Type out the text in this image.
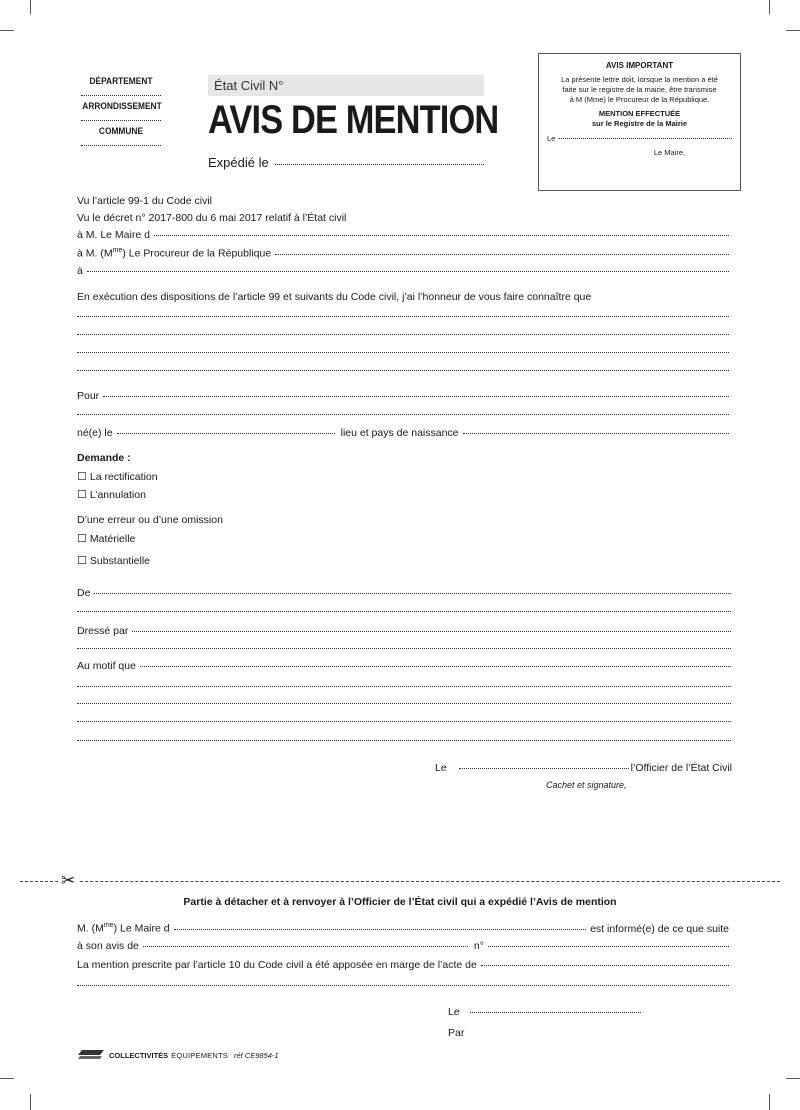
DÉPARTEMENT
ARRONDISSEMENT
COMMUNE
État Civil N°
AVIS DE MENTION
Expédié le
AVIS IMPORTANT
La présente lettre doit, lorsque la mention a été
faite sur le registre de la mairie, être transmise
à M (Mme) le Procureur de la République.
MENTION EFFECTUÉE
sur le Registre de la Mairie
Le
Le Maire,
Vu l’article 99-1 du Code civil
Vu le décret n° 2017-800 du 6 mai 2017 relatif à l’État civil
à M. Le Maire d
à M. $(M^{me})$ Le Procureur de la République
à
En exécution des dispositions de l’article 99 et suivants du Code civil, j’ai l’honneur de vous faire connaître que
Pour
né(e) le	lieu et pays de naissance
Demande :
☐ La rectification
☐ L’annulation
D’une erreur ou d’une omission
☐ Matérielle
☐ Substantielle
De
Dressé par
Au motif que
Le	l’Officier de l’État Civil
Cachet et signature,
✂
Partie à détacher et à renvoyer à l’Officier de l’État civil qui a expédié l’Avis de mention
M. $(M^{me})$ Le Maire d	est informé(e) de ce que suite
à son avis de	n°
La mention prescrite par l’article 10 du Code civil a été apposée en marge de l’acte de
Le
Par
COLLECTIVITÉS ÉQUIPEMENTS réf CE9854-1
